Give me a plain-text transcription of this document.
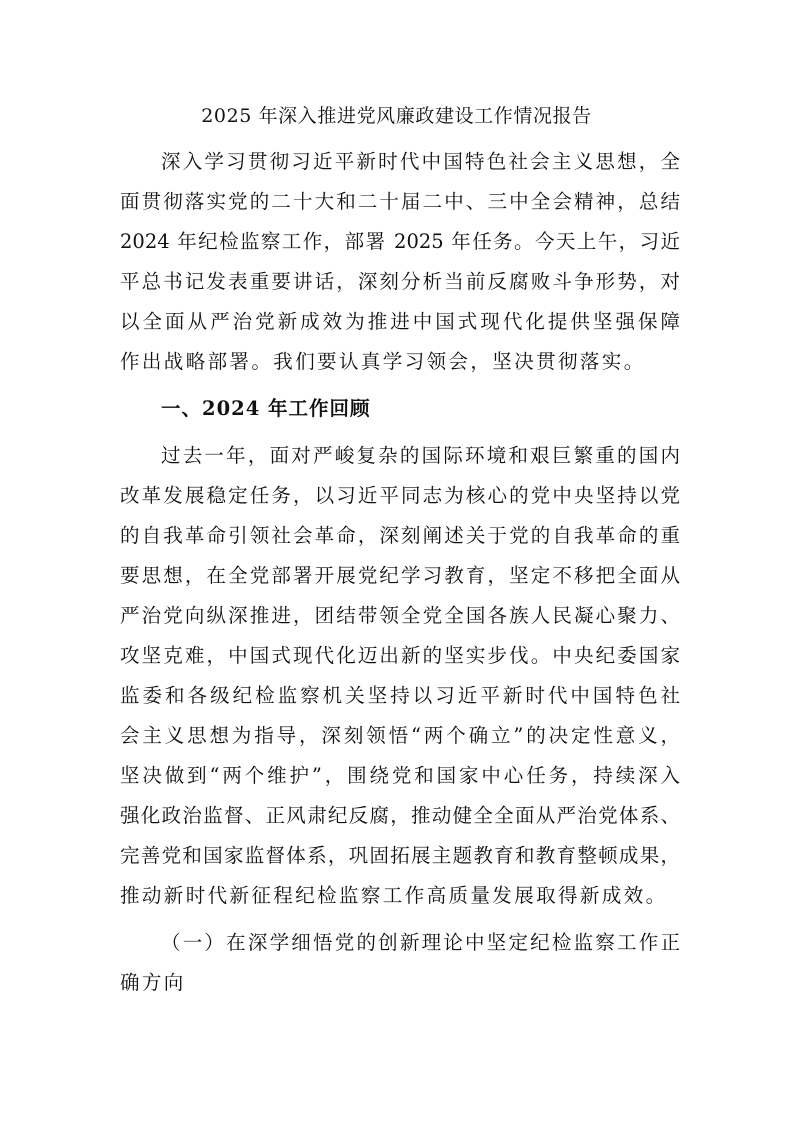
2025 年深入推进党风廉政建设工作情况报告
深入学习贯彻习近平新时代中国特色社会主义思想，全
面贯彻落实党的二十大和二十届二中、三中全会精神，总结
2024 年纪检监察工作，部署 2025 年任务。今天上午，习近
平总书记发表重要讲话，深刻分析当前反腐败斗争形势，对
以全面从严治党新成效为推进中国式现代化提供坚强保障
作出战略部署。我们要认真学习领会，坚决贯彻落实。
一、2024 年工作回顾
过去一年，面对严峻复杂的国际环境和艰巨繁重的国内
改革发展稳定任务，以习近平同志为核心的党中央坚持以党
的自我革命引领社会革命，深刻阐述关于党的自我革命的重
要思想，在全党部署开展党纪学习教育，坚定不移把全面从
严治党向纵深推进，团结带领全党全国各族人民凝心聚力、
攻坚克难，中国式现代化迈出新的坚实步伐。中央纪委国家
监委和各级纪检监察机关坚持以习近平新时代中国特色社
会主义思想为指导，深刻领悟“两个确立”的决定性意义，
坚决做到“两个维护”，围绕党和国家中心任务，持续深入
强化政治监督、正风肃纪反腐，推动健全全面从严治党体系、
完善党和国家监督体系，巩固拓展主题教育和教育整顿成果，
推动新时代新征程纪检监察工作高质量发展取得新成效。
（一）在深学细悟党的创新理论中坚定纪检监察工作正
确方向
